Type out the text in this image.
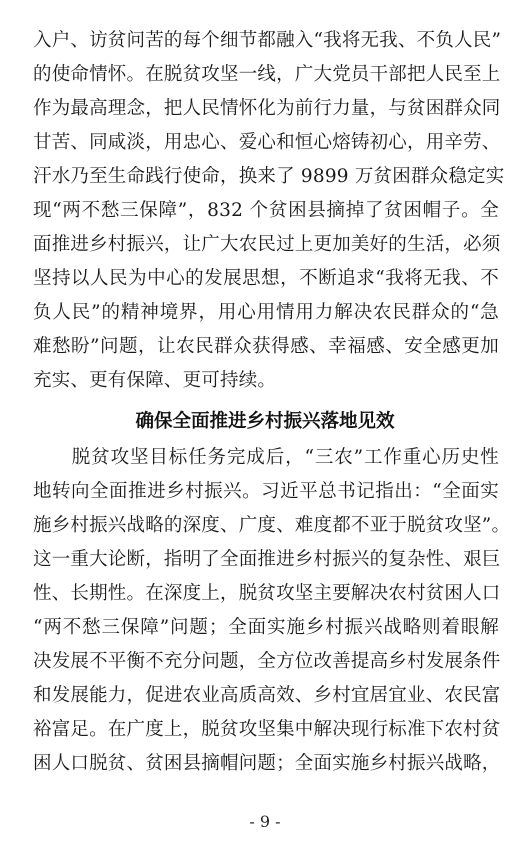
入户、访贫问苦的每个细节都融入“我将无我、不负人民”
的使命情怀。在脱贫攻坚一线，广大党员干部把人民至上
作为最高理念，把人民情怀化为前行力量，与贫困群众同
甘苦、同咸淡，用忠心、爱心和恒心熔铸初心，用辛劳、
汗水乃至生命践行使命，换来了 9899 万贫困群众稳定实
现“两不愁三保障”，832 个贫困县摘掉了贫困帽子。全
面推进乡村振兴，让广大农民过上更加美好的生活，必须
坚持以人民为中心的发展思想，不断追求“我将无我、不
负人民”的精神境界，用心用情用力解决农民群众的“急
难愁盼”问题，让农民群众获得感、幸福感、安全感更加
充实、更有保障、更可持续。
确保全面推进乡村振兴落地见效
　　脱贫攻坚目标任务完成后，“三农”工作重心历史性
地转向全面推进乡村振兴。习近平总书记指出：“全面实
施乡村振兴战略的深度、广度、难度都不亚于脱贫攻坚”。
这一重大论断，指明了全面推进乡村振兴的复杂性、艰巨
性、长期性。在深度上，脱贫攻坚主要解决农村贫困人口
“两不愁三保障”问题；全面实施乡村振兴战略则着眼解
决发展不平衡不充分问题，全方位改善提高乡村发展条件
和发展能力，促进农业高质高效、乡村宜居宜业、农民富
裕富足。在广度上，脱贫攻坚集中解决现行标准下农村贫
困人口脱贫、贫困县摘帽问题；全面实施乡村振兴战略，
- 9 -
